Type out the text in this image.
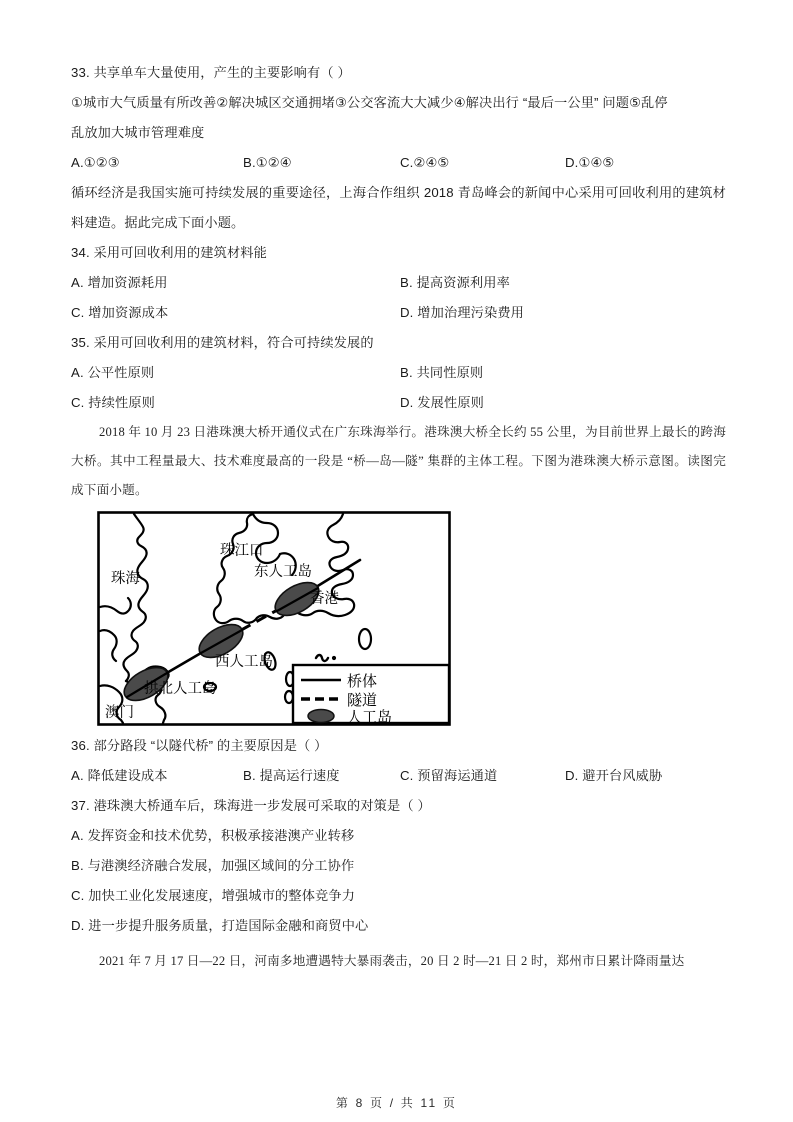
33. 共享单车大量使用，产生的主要影响有（ ）
①城市大气质量有所改善②解决城区交通拥堵③公交客流大大减少④解决出行 “最后一公里” 问题⑤乱停
乱放加大城市管理难度
A.①②③	B.①②④	C.②④⑤	D.①④⑤
循环经济是我国实施可持续发展的重要途径，上海合作组织 2018 青岛峰会的新闻中心采用可回收利用的建筑材料建造。据此完成下面小题。
34. 采用可回收利用的建筑材料能
A. 增加资源耗用	B. 提高资源利用率
C. 增加资源成本	D. 增加治理污染费用
35. 采用可回收利用的建筑材料，符合可持续发展的
A. 公平性原则	B. 共同性原则
C. 持续性原则	D. 发展性原则
2018 年 10 月 23 日港珠澳大桥开通仪式在广东珠海举行。港珠澳大桥全长约 55 公里，为目前世界上最长的跨海大桥。其中工程量最大、技术难度最高的一段是 “桥—岛—隧” 集群的主体工程。下图为港珠澳大桥示意图。读图完成下面小题。
珠江口
珠海
澳门
香港
东人工岛
西人工岛
拱北人工岛	桥体
隧道
人工岛
36. 部分路段 “以隧代桥” 的主要原因是（ ）
A. 降低建设成本	B. 提高运行速度	C. 预留海运通道	D. 避开台风威胁
37. 港珠澳大桥通车后，珠海进一步发展可采取的对策是（ ）
A. 发挥资金和技术优势，积极承接港澳产业转移
B. 与港澳经济融合发展，加强区域间的分工协作
C. 加快工业化发展速度，增强城市的整体竞争力
D. 进一步提升服务质量，打造国际金融和商贸中心
2021 年 7 月 17 日—22 日，河南多地遭遇特大暴雨袭击，20 日 2 时—21 日 2 时，郑州市日累计降雨量达
第 8 页 / 共 11 页
